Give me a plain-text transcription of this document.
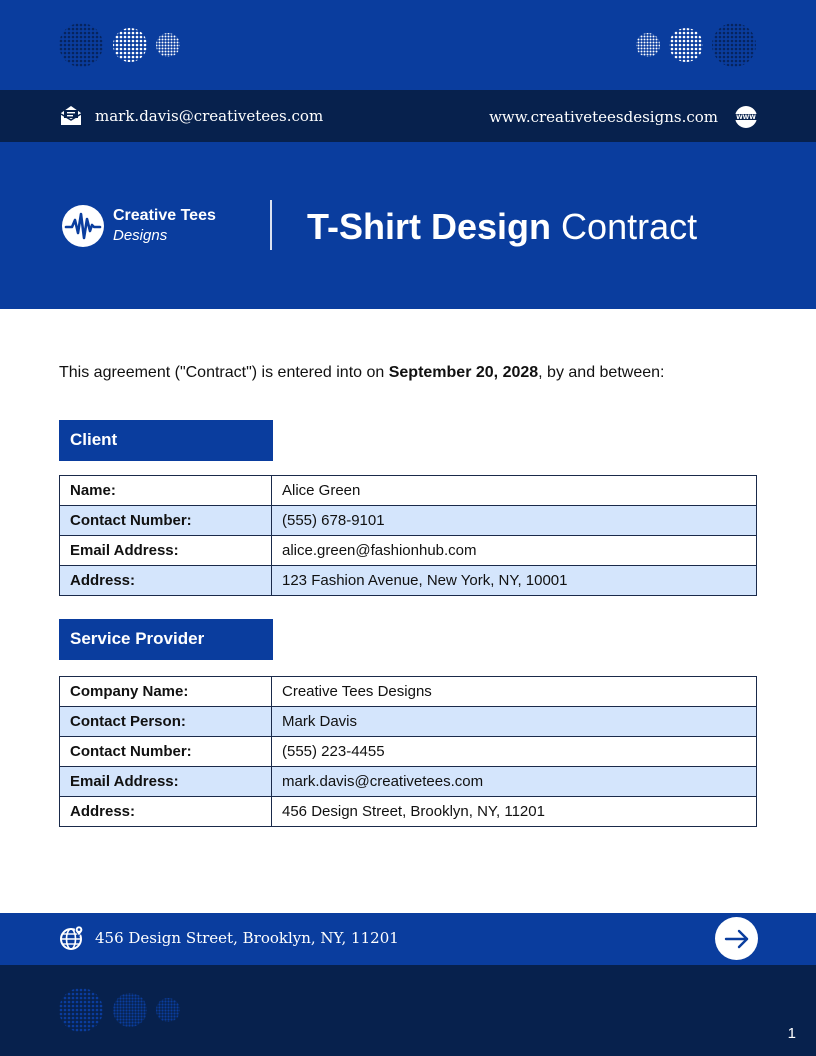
mark.davis@creativetees.com	www.creativeteesdesigns.com	WWW
Creative Tees
Designs	T-Shirt Design Contract

This agreement ("Contract") is entered into on September 20, 2028, by and between:

Client
Name:	Alice Green
Contact Number:	(555) 678-9101
Email Address:	alice.green@fashionhub.com
Address:	123 Fashion Avenue, New York, NY, 10001
Service Provider
Company Name:	Creative Tees Designs
Contact Person:	Mark Davis
Contact Number:	(555) 223-4455
Email Address:	mark.davis@creativetees.com
Address:	456 Design Street, Brooklyn, NY, 11201
456 Design Street, Brooklyn, NY, 11201
1
